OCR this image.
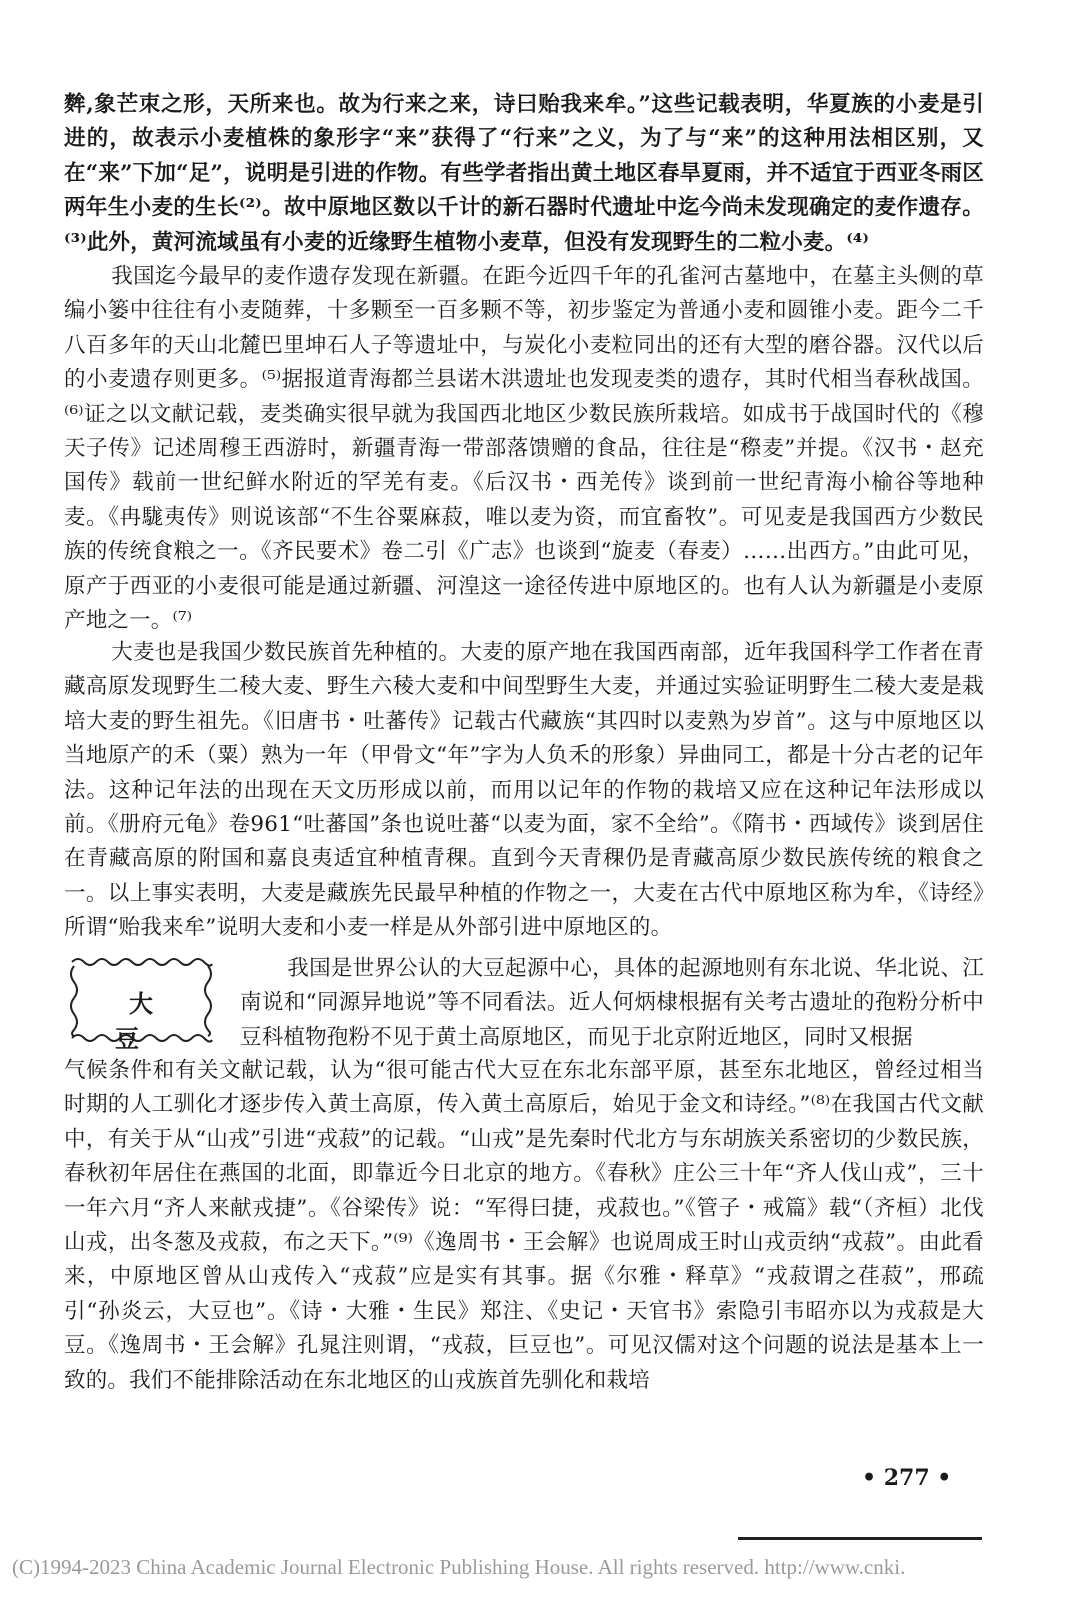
麰,象芒朿之形，天所来也。故为行来之来，诗曰贻我来牟。”这些记载表明，华夏族的小麦是引进的，故表示小麦植株的象形字“来”获得了“行来”之义，为了与“来”的这种用法相区别，又在“来”下加“足”，说明是引进的作物。有些学者指出黄土地区春旱夏雨，并不适宜于西亚冬雨区两年生小麦的生长⁽²⁾。故中原地区数以千计的新石器时代遗址中迄今尚未发现确定的麦作遗存。⁽³⁾此外，黄河流域虽有小麦的近缘野生植物小麦草，但没有发现野生的二粒小麦。⁽⁴⁾

我国迄今最早的麦作遗存发现在新疆。在距今近四千年的孔雀河古墓地中，在墓主头侧的草编小篓中往往有小麦随葬，十多颗至一百多颗不等，初步鉴定为普通小麦和圆锥小麦。距今二千八百多年的天山北麓巴里坤石人子等遗址中，与炭化小麦粒同出的还有大型的磨谷器。汉代以后的小麦遗存则更多。⁽⁵⁾据报道青海都兰县诺木洪遗址也发现麦类的遗存，其时代相当春秋战国。⁽⁶⁾证之以文献记载，麦类确实很早就为我国西北地区少数民族所栽培。如成书于战国时代的《穆天子传》记述周穆王西游时，新疆青海一带部落馈赠的食品，往往是“穄麦”并提。《汉书・赵充国传》载前一世纪鲜水附近的罕羌有麦。《后汉书・西羌传》谈到前一世纪青海小榆谷等地种麦。《冉駹夷传》则说该部“不生谷粟麻菽，唯以麦为资，而宜畜牧”。可见麦是我国西方少数民族的传统食粮之一。《齐民要术》卷二引《广志》也谈到“旋麦（春麦）……出西方。”由此可见，原产于西亚的小麦很可能是通过新疆、河湟这一途径传进中原地区的。也有人认为新疆是小麦原产地之一。⁽⁷⁾

大麦也是我国少数民族首先种植的。大麦的原产地在我国西南部，近年我国科学工作者在青藏高原发现野生二稜大麦、野生六稜大麦和中间型野生大麦，并通过实验证明野生二稜大麦是栽培大麦的野生祖先。《旧唐书・吐蕃传》记载古代藏族“其四时以麦熟为岁首”。这与中原地区以当地原产的禾（粟）熟为一年（甲骨文“年”字为人负禾的形象）异曲同工，都是十分古老的记年法。这种记年法的出现在天文历形成以前，而用以记年的作物的栽培又应在这种记年法形成以前。《册府元龟》卷961“吐蕃国”条也说吐蕃“以麦为面，家不全给”。《隋书・西域传》谈到居住在青藏高原的附国和嘉良夷适宜种植青稞。直到今天青稞仍是青藏高原少数民族传统的粮食之一。以上事实表明，大麦是藏族先民最早种植的作物之一，大麦在古代中原地区称为牟，《诗经》所谓“贻我来牟”说明大麦和小麦一样是从外部引进中原地区的。

大 豆

我国是世界公认的大豆起源中心，具体的起源地则有东北说、华北说、江南说和“同源异地说”等不同看法。近人何炳棣根据有关考古遗址的孢粉分析中豆科植物孢粉不见于黄土高原地区，而见于北京附近地区，同时又根据

气候条件和有关文献记载，认为“很可能古代大豆在东北东部平原，甚至东北地区，曾经过相当时期的人工驯化才逐步传入黄土高原，传入黄土高原后，始见于金文和诗经。”⁽⁸⁾在我国古代文献中，有关于从“山戎”引进“戎菽”的记载。“山戎”是先秦时代北方与东胡族关系密切的少数民族，春秋初年居住在燕国的北面，即靠近今日北京的地方。《春秋》庄公三十年“齐人伐山戎”，三十一年六月“齐人来献戎捷”。《谷梁传》说：“军得曰捷，戎菽也。”《管子・戒篇》载“（齐桓）北伐山戎，出冬葱及戎菽，布之天下。”⁽⁹⁾《逸周书・王会解》也说周成王时山戎贡纳“戎菽”。由此看来，中原地区曾从山戎传入“戎菽”应是实有其事。据《尔雅・释草》“戎菽谓之荏菽”，邢疏引“孙炎云，大豆也”。《诗・大雅・生民》郑注、《史记・天官书》索隐引韦昭亦以为戎菽是大豆。《逸周书・王会解》孔晁注则谓，“戎菽，巨豆也”。可见汉儒对这个问题的说法是基本上一致的。我们不能排除活动在东北地区的山戎族首先驯化和栽培

• 277 •
(C)1994-2023 China Academic Journal Electronic Publishing House. All rights reserved. http://www.cnki.
